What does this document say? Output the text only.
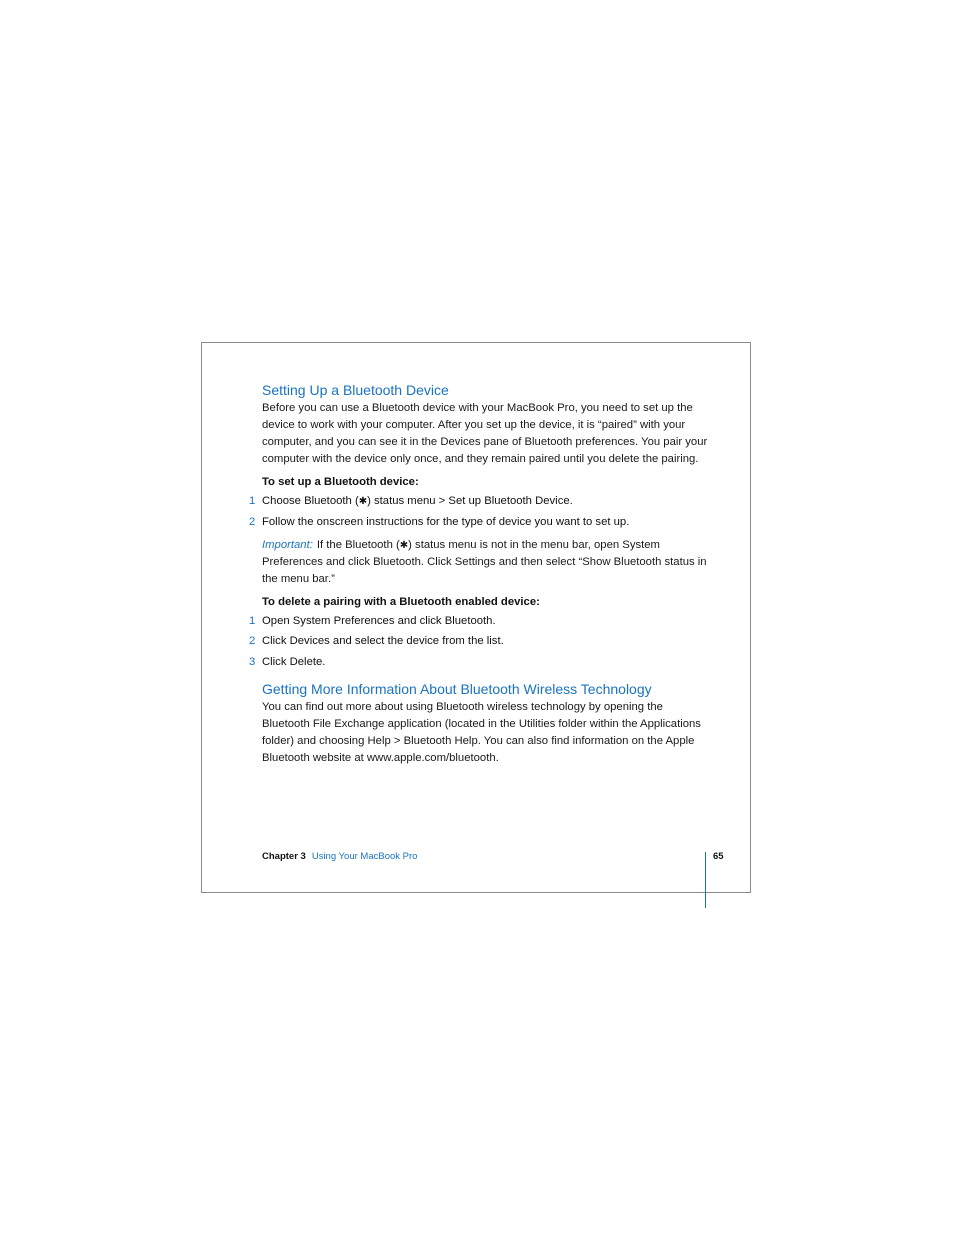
Setting Up a Bluetooth Device

Before you can use a Bluetooth device with your MacBook Pro, you need to set up the device to work with your computer. After you set up the device, it is “paired” with your computer, and you can see it in the Devices pane of Bluetooth preferences. You pair your computer with the device only once, and they remain paired until you delete the pairing.

To set up a Bluetooth device:
1 Choose Bluetooth (✱) status menu > Set up Bluetooth Device.
2 Follow the onscreen instructions for the type of device you want to set up.

Important: If the Bluetooth (✱) status menu is not in the menu bar, open System Preferences and click Bluetooth. Click Settings and then select “Show Bluetooth status in the menu bar.”

To delete a pairing with a Bluetooth enabled device:
1 Open System Preferences and click Bluetooth.
2 Click Devices and select the device from the list.
3 Click Delete.
Getting More Information About Bluetooth Wireless Technology

You can find out more about using Bluetooth wireless technology by opening the Bluetooth File Exchange application (located in the Utilities folder within the Applications folder) and choosing Help > Bluetooth Help. You can also find information on the Apple Bluetooth website at www.apple.com/bluetooth.

Chapter 3 Using Your MacBook Pro	65
